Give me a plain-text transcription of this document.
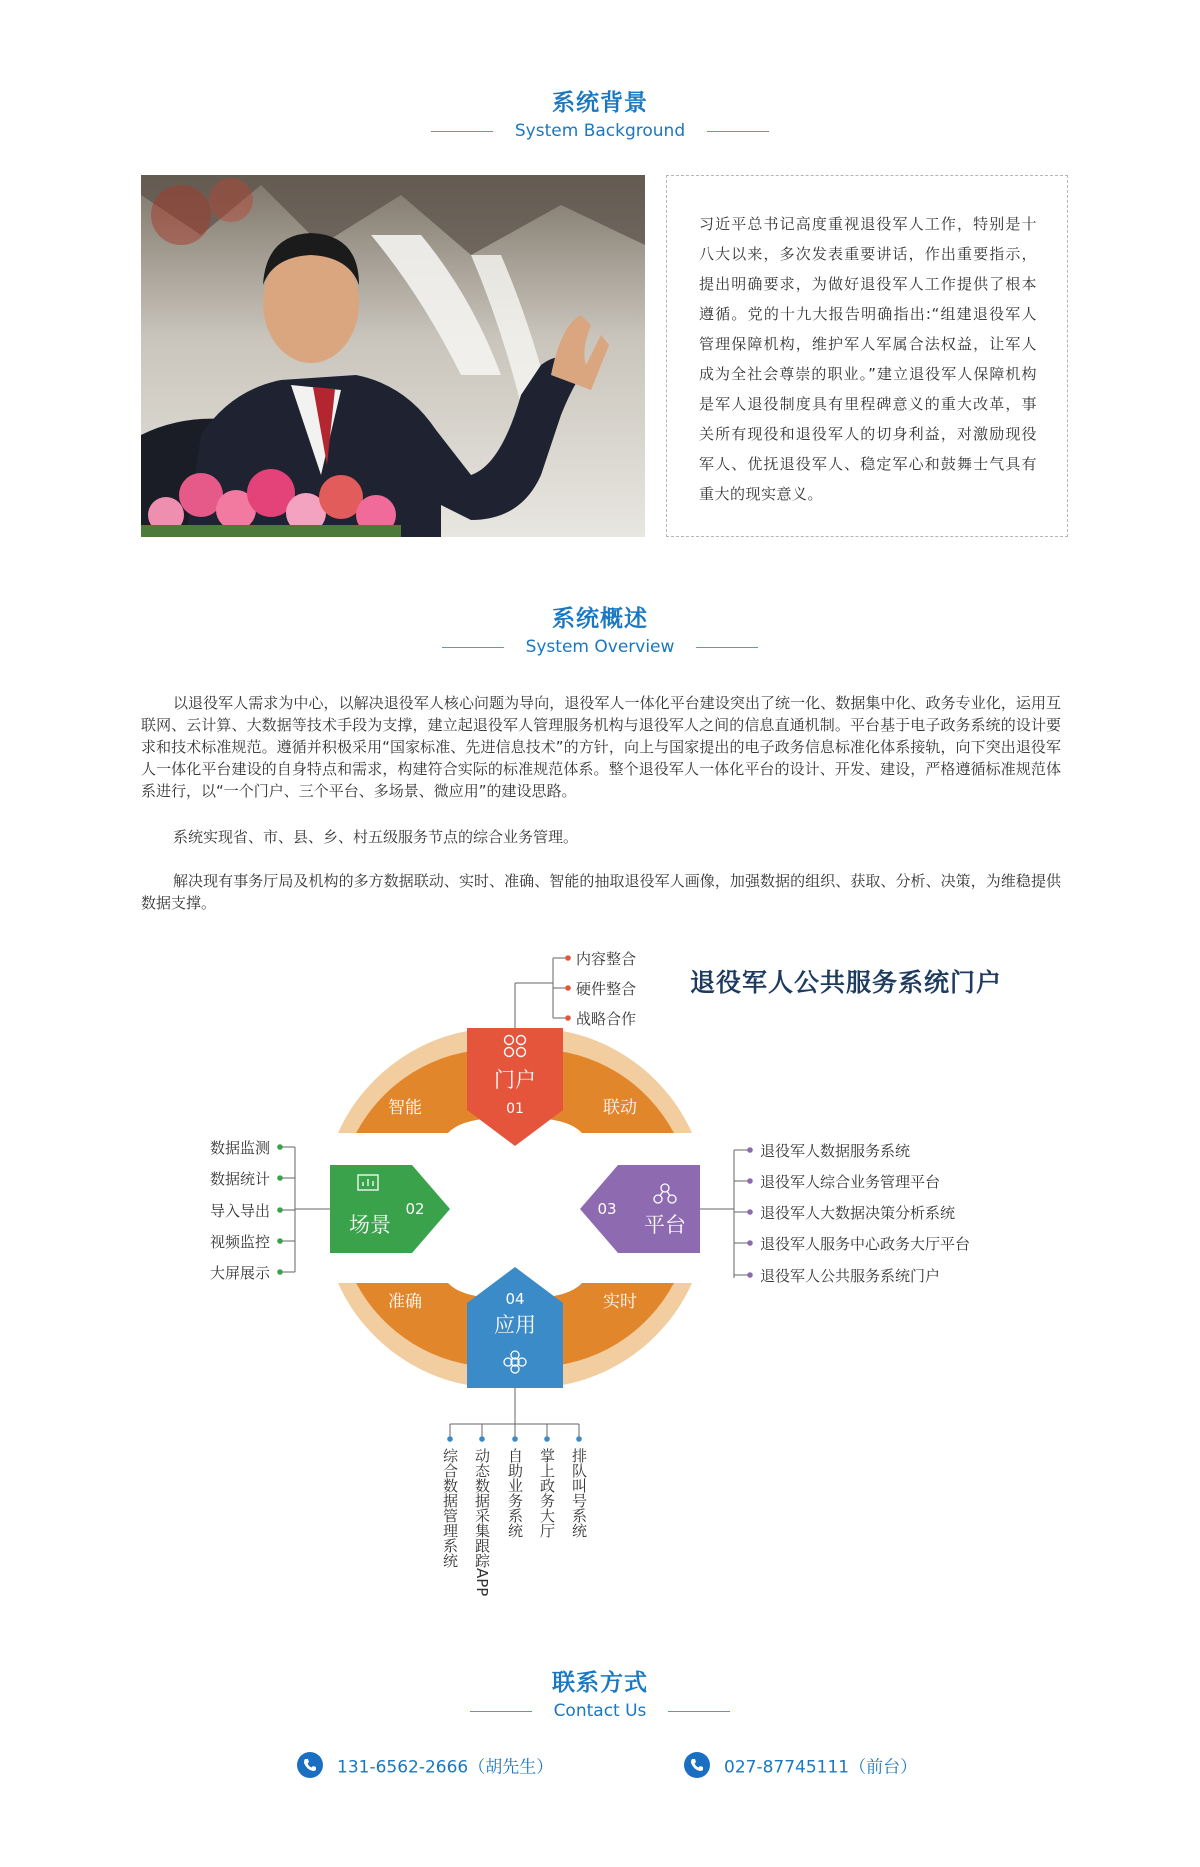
系统背景
System Background
习近平总书记高度重视退役军人工作，特别是十八大以来，多次发表重要讲话，作出重要指示，提出明确要求，为做好退役军人工作提供了根本遵循。党的十九大报告明确指出:“组建退役军人管理保障机构，维护军人军属合法权益，让军人成为全社会尊崇的职业。”建立退役军人保障机构是军人退役制度具有里程碑意义的重大改革，事关所有现役和退役军人的切身利益，对激励现役军人、优抚退役军人、稳定军心和鼓舞士气具有重大的现实意义。
系统概述
System Overview
以退役军人需求为中心，以解决退役军人核心问题为导向，退役军人一体化平台建设突出了统一化、数据集中化、政务专业化，运用互联网、云计算、大数据等技术手段为支撑，建立起退役军人管理服务机构与退役军人之间的信息直通机制。平台基于电子政务系统的设计要求和技术标准规范。遵循并积极采用“国家标准、先进信息技术”的方针，向上与国家提出的电子政务信息标准化体系接轨，向下突出退役军人一体化平台建设的自身特点和需求，构建符合实际的标准规范体系。整个退役军人一体化平台的设计、开发、建设，严格遵循标准规范体系进行，以“一个门户、三个平台、多场景、微应用”的建设思路。
系统实现省、市、县、乡、村五级服务节点的综合业务管理。
解决现有事务厅局及机构的多方数据联动、实时、准确、智能的抽取退役军人画像，加强数据的组织、获取、分析、决策，为维稳提供数据支撑。
退役军人公共服务系统门户
智能	联动
准确	实时
门户
01
场景
02
平台
03
04
应用
内容整合
硬件整合
战略合作
数据监测
数据统计
导入导出
视频监控
大屏展示
退役军人数据服务系统
退役军人综合业务管理平台
退役军人大数据决策分析系统
退役军人服务中心政务大厅平台
退役军人公共服务系统门户
综合数据管理系统 动态数据采集跟踪APP 自助业务系统 掌上政务大厅 排队叫号系统
联系方式
Contact Us
131-6562-2666（胡先生）	027-87745111（前台）
